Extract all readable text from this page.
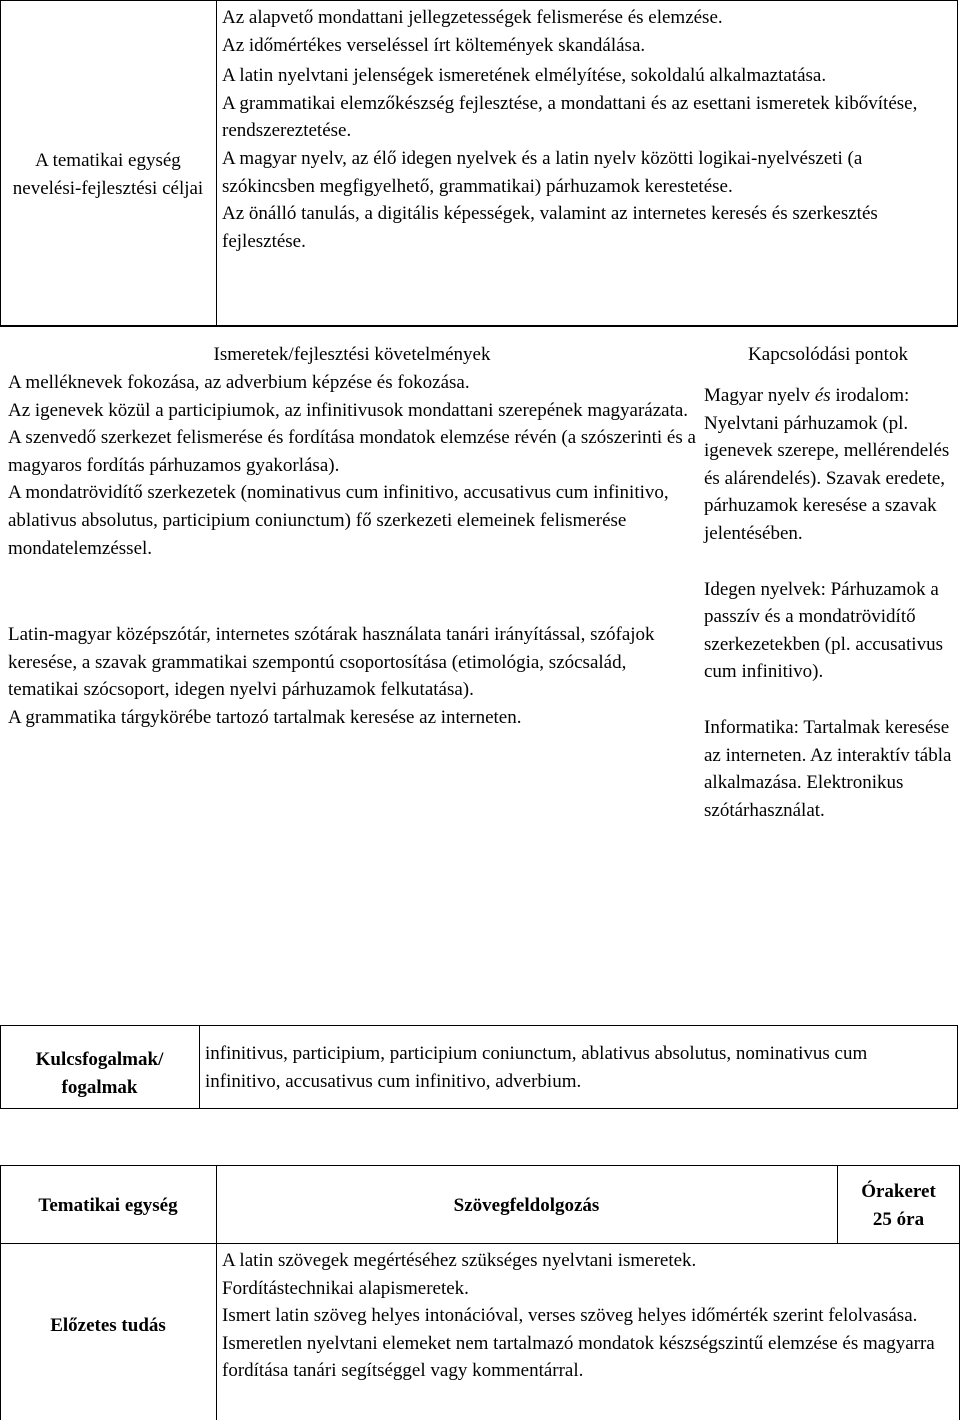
A tematikai egység nevelési-fejlesztési céljai

Az alapvető mondattani jellegzetességek felismerése és elemzése.

Az időmértékes verseléssel írt költemények skandálása.

A latin nyelvtani jelenségek ismeretének elmélyítése, sokoldalú alkalmaztatása.

A grammatikai elemzőkészség fejlesztése, a mondattani és az esettani ismeretek kibővítése, rendszereztetése.

A magyar nyelv, az élő idegen nyelvek és a latin nyelv közötti logikai-nyelvészeti (a szókincsben megfigyelhető, grammatikai) párhuzamok kerestetése.

Az önálló tanulás, a digitális képességek, valamint az internetes keresés és szerkesztés fejlesztése.

Ismeretek/fejlesztési követelmények	Kapcsolódási pontok

A melléknevek fokozása, az adverbium képzése és fokozása.

Az igenevek közül a participiumok, az infinitivusok mondattani szerepének magyarázata.

A szenvedő szerkezet felismerése és fordítása mondatok elemzése révén (a szószerinti és a magyaros fordítás párhuzamos gyakorlása).

A mondatrövidítő szerkezetek (nominativus cum infinitivo, accusativus cum infinitivo, ablativus absolutus, participium coniunctum) fő szerkezeti elemeinek felismerése mondatelemzéssel.

Latin-magyar középszótár, internetes szótárak használata tanári irányítással, szófajok keresése, a szavak grammatikai szempontú csoportosítása (etimológia, szócsalád, tematikai szócsoport, idegen nyelvi párhuzamok felkutatása).

A grammatika tárgykörébe tartozó tartalmak keresése az interneten.

Magyar nyelv és irodalom: Nyelvtani párhuzamok (pl. igenevek szerepe, mellérendelés és alárendelés). Szavak eredete, párhuzamok keresése a szavak jelentésében.

Idegen nyelvek: Párhuzamok a passzív és a mondatrövidítő szerkezetekben (pl. accusativus cum infinitivo).

Informatika: Tartalmak keresése az interneten. Az interaktív tábla alkalmazása. Elektronikus szótárhasználat.

Kulcsfogalmak/ fogalmak
infinitivus, participium, participium coniunctum, ablativus absolutus, nominativus cum infinitivo, accusativus cum infinitivo, adverbium.
Tematikai egység	Szövegfeldolgozás
Órakeret
25 óra
Előzetes tudás

A latin szövegek megértéséhez szükséges nyelvtani ismeretek.

Fordítástechnikai alapismeretek.

Ismert latin szöveg helyes intonációval, verses szöveg helyes időmérték szerint felolvasása.

Ismeretlen nyelvtani elemeket nem tartalmazó mondatok készségszintű elemzése és magyarra fordítása tanári segítséggel vagy kommentárral.
